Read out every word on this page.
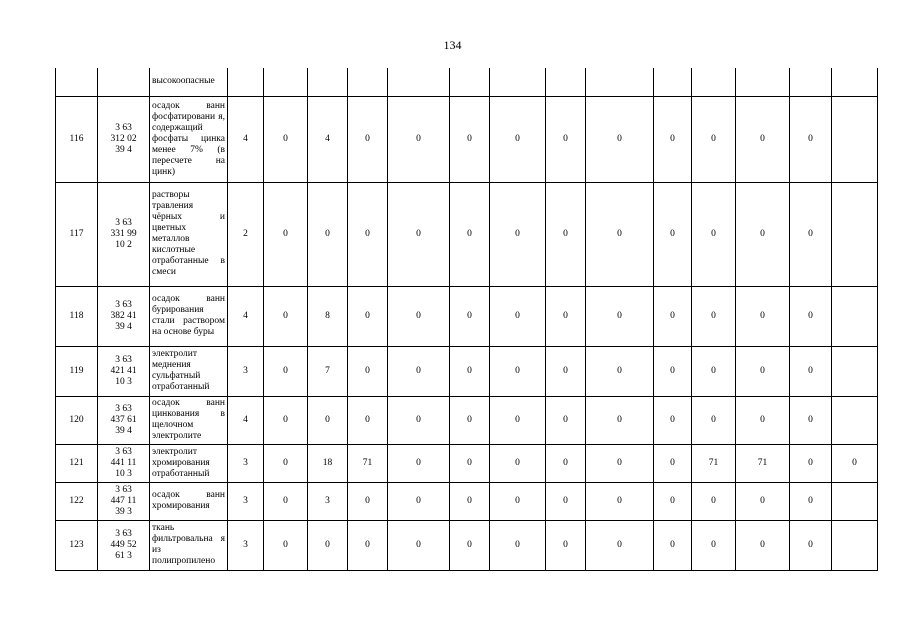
134
		высокоопасные														
116	3 63
312 02
39 4	осадок ванн фосфатировани я, содержащий фосфаты цинка менее 7% (в пересчете на цинк)	4	0	4	0	0	0	0	0	0	0	0	0	0	
117	3 63
331 99
10 2	растворы травления чёрных и цветных металлов кислотные отработанные в смеси	2	0	0	0	0	0	0	0	0	0	0	0	0	
118	3 63
382 41
39 4	осадок ванн бурирования стали раствором на основе буры	4	0	8	0	0	0	0	0	0	0	0	0	0	
119	3 63
421 41
10 3	электролит меднения сульфатный отработанный	3	0	7	0	0	0	0	0	0	0	0	0	0	
120	3 63
437 61
39 4	осадок ванн цинкования в щелочном электролите	4	0	0	0	0	0	0	0	0	0	0	0	0	
121	3 63
441 11
10 3	электролит хромирования отработанный	3	0	18	71	0	0	0	0	0	0	71	71	0	0
122	3 63
447 11
39 3	осадок ванн хромирования	3	0	3	0	0	0	0	0	0	0	0	0	0	
123	3 63
449 52
61 3	ткань фильтровальна я из полипропилено	3	0	0	0	0	0	0	0	0	0	0	0	0	
